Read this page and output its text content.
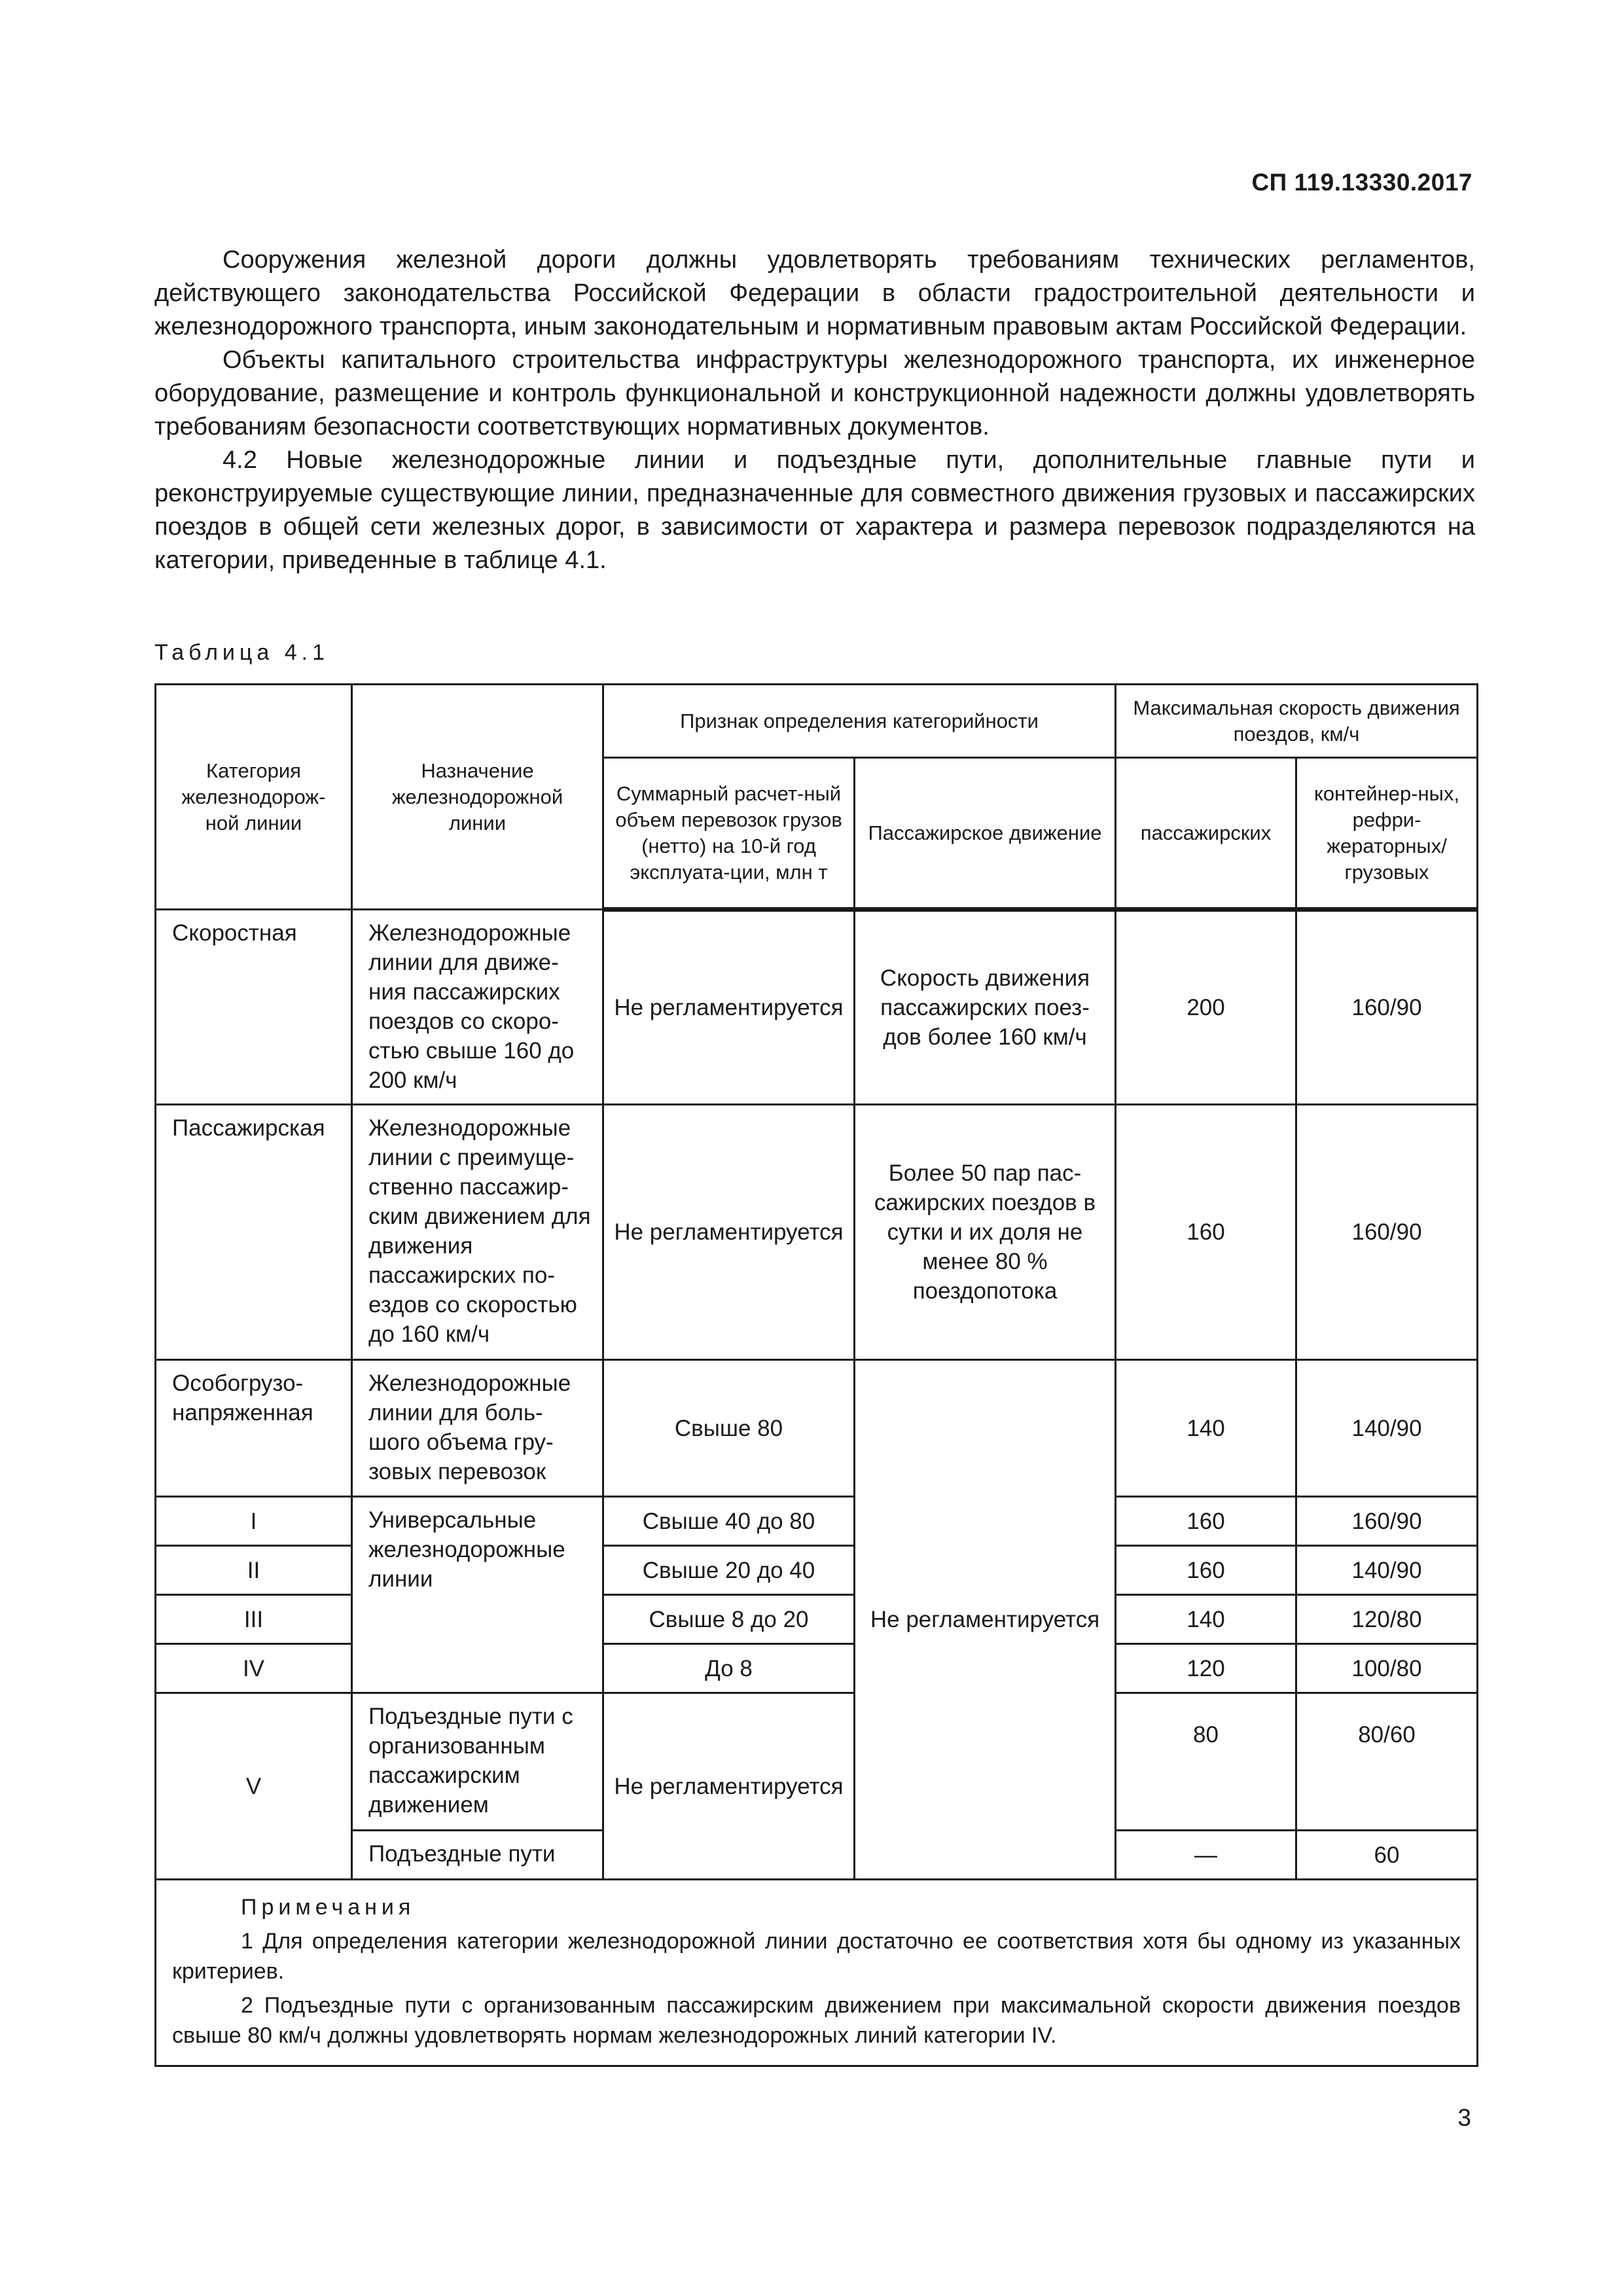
СП 119.13330.2017

Сооружения железной дороги должны удовлетворять требованиям технических регламентов, действующего законодательства Российской Федерации в области градостроительной деятельности и железнодорожного транспорта, иным законодательным и нормативным правовым актам Российской Федерации.

Объекты капитального строительства инфраструктуры железнодорожного транспорта, их инженерное оборудование, размещение и контроль функциональной и конструкционной надежности должны удовлетворять требованиям безопасности соответствующих нормативных документов.

4.2 Новые железнодорожные линии и подъездные пути, дополнительные главные пути и реконструируемые существующие линии, предназначенные для совместного движения грузовых и пассажирских поездов в общей сети железных дорог, в зависимости от характера и размера перевозок подразделяются на категории, приведенные в таблице 4.1.

Таблица 4.1
Категория железнодорож-ной линии	Назначение железнодорожной линии	Признак определения категорийности		Максимальная скорость движения поездов, км/ч	
		Суммарный расчет-ный объем перевозок грузов (нетто) на 10-й год эксплуата-ции, млн т	Пассажирское движение	пассажирских	контейнер-ных, рефри-жераторных/ грузовых
Скоростная	Железнодорожные линии для движе-ния пассажирских поездов со скоро-стью свыше 160 до 200 км/ч	Не регламентируется	Скорость движения пассажирских поез-дов более 160 км/ч	200	160/90
Пассажирская	Железнодорожные линии с преимуще-ственно пассажир-ским движением для движения пассажирских по-ездов со скоростью до 160 км/ч	Не регламентируется	Более 50 пар пас-сажирских поездов в сутки и их доля не менее 80 % поездопотока	160	160/90
Особогрузо-напряженная	Железнодорожные линии для боль-шого объема гру-зовых перевозок	Свыше 80	Не регламентируется	140	140/90
I	Универсальные железнодорожные линии	Свыше 40 до 80		160	160/90
II		Свыше 20 до 40		160	140/90
III		Свыше 8 до 20		140	120/80
IV		До 8		120	100/80
V	Подъездные пути с организованным пассажирским движением	Не регламентируется		80	80/60
	Подъездные пути			—	60

Примечания

1 Для определения категории железнодорожной линии достаточно ее соответствия хотя бы одному из указанных критериев.

2 Подъездные пути с организованным пассажирским движением при максимальной скорости движения поездов свыше 80 км/ч должны удовлетворять нормам железнодорожных линий категории IV.					

3
